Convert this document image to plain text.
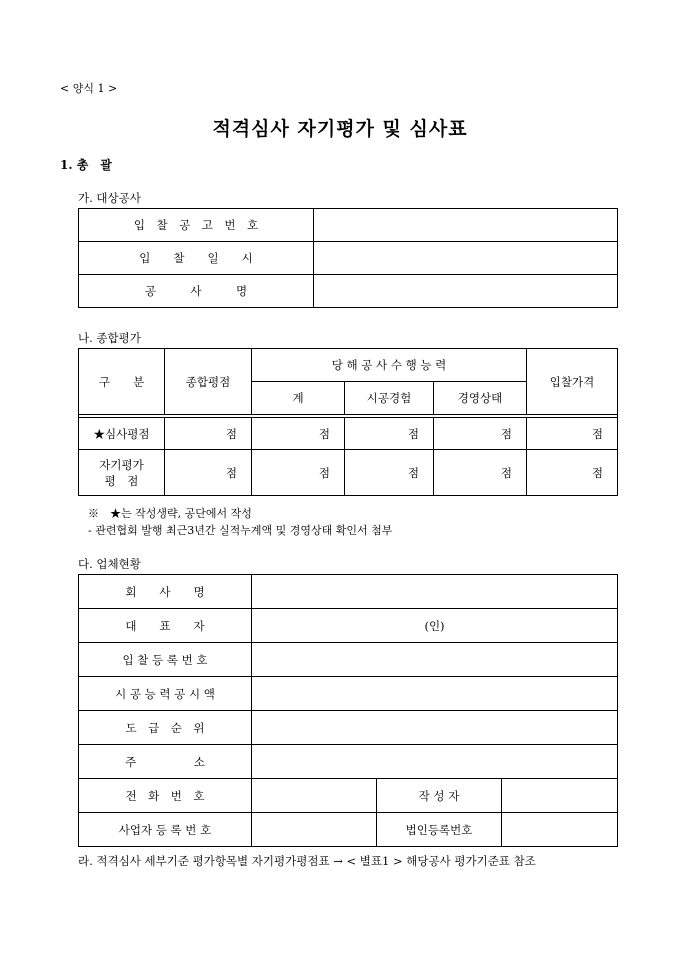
< 양식 1 >
적격심사 자기평가 및 심사표
1. 총　괄
가. 대상공사
입　찰　공　고　번　호	
입　　찰　　일　　시	
공　　　사　　　명	
나. 종합평가
구　　분	종합평점	당 해 공 사 수 행 능 력			입찰가격
		계	시공경험	경영상태	

★심사평점	점	점	점	점	점

자기평가
평　점	점	점	점	점	점
※　★는 작성생략, 공단에서 작성
- 관련협회 발행 최근3년간 실적누계액 및 경영상태 확인서 첨부
다. 업체현황
회　　사　　명			
대　　표　　자	(인)		
입 찰 등 록 번 호			
시 공 능 력 공 시 액			
도　급　순　위			
주　　　　　소			
전　화　번　호		작 성 자	
사업자 등 록 번 호		법인등록번호	
라. 적격심사 세부기준 평가항목별 자기평가평점표 → < 별표1 > 해당공사 평가기준표 참조
